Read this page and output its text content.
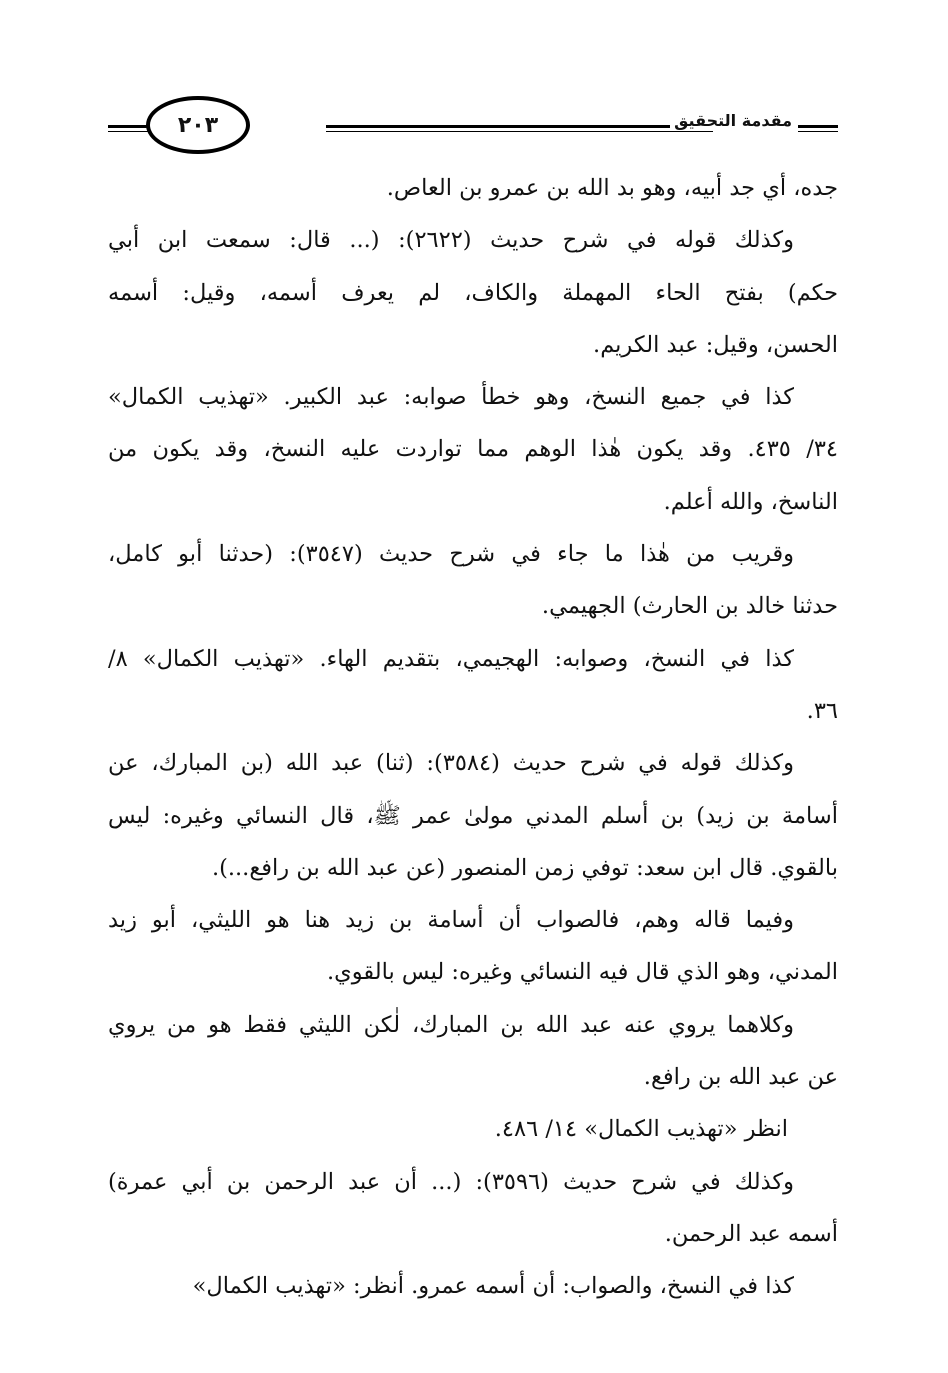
٢٠٣	مقدمة التحقيق
جده، أي جد أبيه، وهو بد الله بن عمرو بن العاص.
وكذلك قوله في شرح حديث (٢٦٢٢): (... قال: سمعت ابن أبي
حكم) بفتح الحاء المهملة والكاف، لم يعرف أسمه، وقيل: أسمه
الحسن، وقيل: عبد الكريم.
كذا في جميع النسخ، وهو خطأ صوابه: عبد الكبير. «تهذيب الكمال»
٣٤/ ٤٣٥. وقد يكون هٰذا الوهم مما تواردت عليه النسخ، وقد يكون من
الناسخ، والله أعلم.
وقريب من هٰذا ما جاء في شرح حديث (٣٥٤٧): (حدثنا أبو كامل،
حدثنا خالد بن الحارث) الجهيمي.
كذا في النسخ، وصوابه: الهجيمي، بتقديم الهاء. «تهذيب الكمال» ٨/
٣٦.
وكذلك قوله في شرح حديث (٣٥٨٤): (ثنا) عبد الله (بن المبارك، عن
أسامة بن زيد) بن أسلم المدني مولىٰ عمر ﷺ، قال النسائي وغيره: ليس
بالقوي. قال ابن سعد: توفي زمن المنصور (عن عبد الله بن رافع...).
وفيما قاله وهم، فالصواب أن أسامة بن زيد هنا هو الليثي، أبو زيد
المدني، وهو الذي قال فيه النسائي وغيره: ليس بالقوي.
وكلاهما يروي عنه عبد الله بن المبارك، لٰكن الليثي فقط هو من يروي
عن عبد الله بن رافع.
انظر «تهذيب الكمال» ١٤/ ٤٨٦.
وكذلك في شرح حديث (٣٥٩٦): (... أن عبد الرحمن بن أبي عمرة)
أسمه عبد الرحمن.
كذا في النسخ، والصواب: أن أسمه عمرو. أنظر: «تهذيب الكمال»
